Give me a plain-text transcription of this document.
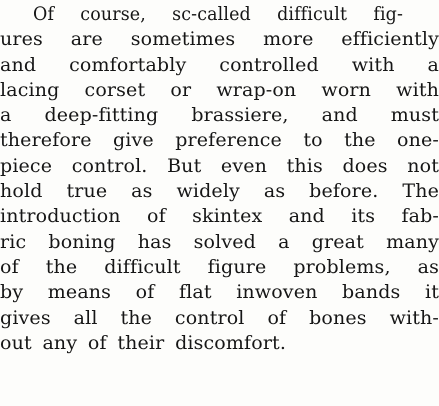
Of course, sc-called difficult fig-
ures are sometimes more efficiently
and comfortably controlled with a
lacing corset or wrap-on worn with
a deep-fitting brassiere, and must
therefore give preference to the one-
piece control. But even this does not
hold true as widely as before. The
introduction of skintex and its fab-
ric boning has solved a great many
of the difficult figure problems, as
by means of flat inwoven bands it
gives all the control of bones with-
out any of their discomfort.
